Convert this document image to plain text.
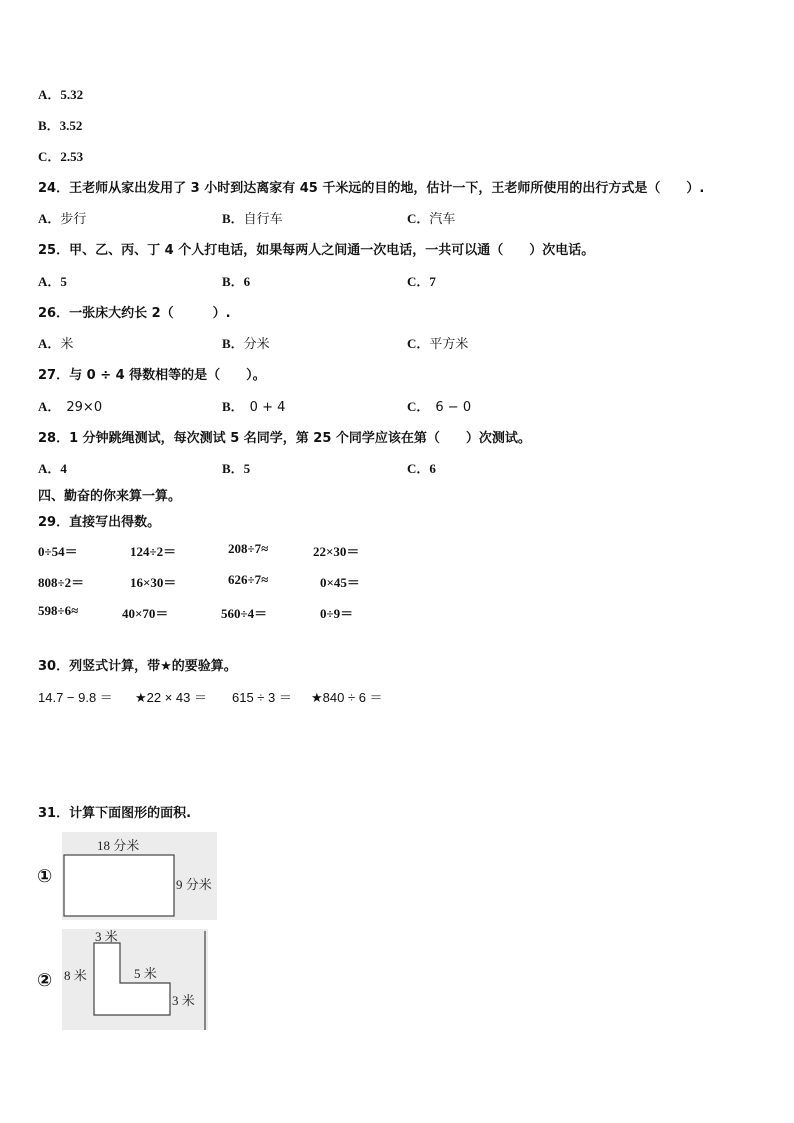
A．5.32
B．3.52
C．2.53
24．王老师从家出发用了 3 小时到达离家有 45 千米远的目的地，估计一下，王老师所使用的出行方式是（　　）.
A．步行	B．自行车	C．汽车
25．甲、乙、丙、丁 4 个人打电话，如果每两人之间通一次电话，一共可以通（　　）次电话。
A．5	B．6	C．7
26．一张床大约长 2（　　　）.
A．米	B．分米	C．平方米
27．与 0 ÷ 4 得数相等的是（　　）。
A． 29×0	B． 0 + 4	C． 6 − 0
28．1 分钟跳绳测试，每次测试 5 名同学，第 25 个同学应该在第（　　）次测试。
A．4	B．5	C．6
四、勤奋的你来算一算。
29．直接写出得数。
0÷54＝	124÷2＝	208÷7≈	22×30＝
808÷2＝	16×30＝	626÷7≈	0×45＝
598÷6≈	40×70＝	560÷4＝	0÷9＝
30．列竖式计算，带★的要验算。
14.7 − 9.8 ＝ ★22 × 43 ＝ 615 ÷ 3 ＝ ★840 ÷ 6 ＝
31．计算下面图形的面积.
①
18 分米
9 分米
②
3 米
8 米	5 米
3 米
